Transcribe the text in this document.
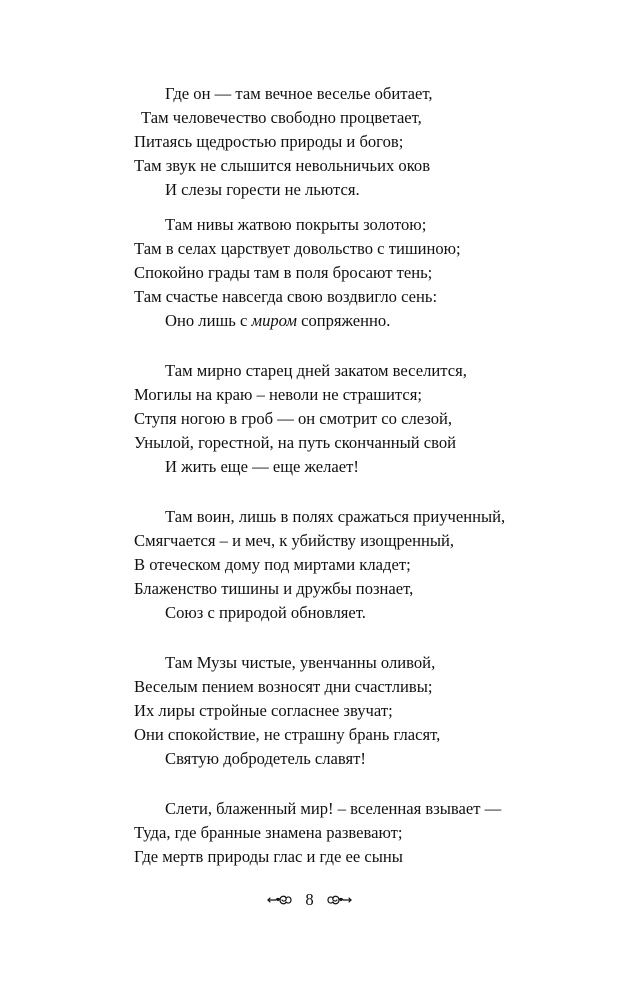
Где он — там вечное веселье обитает,
Там человечество свободно процветает,
Питаясь щедростью природы и богов;
Там звук не слышится невольничьих оков
И слезы горести не льются.
Там нивы жатвою покрыты золотою;
Там в селах царствует довольство с тишиною;
Спокойно грады там в поля бросают тень;
Там счастье навсегда свою воздвигло сень:
Оно лишь с миром сопряженно.
Там мирно старец дней закатом веселится,
Могилы на краю – неволи не страшится;
Ступя ногою в гроб — он смотрит со слезой,
Унылой, горестной, на путь скончанный свой
И жить еще — еще желает!
Там воин, лишь в полях сражаться приученный,
Смягчается – и меч, к убийству изощренный,
В отеческом дому под миртами кладет;
Блаженство тишины и дружбы познает,
Союз с природой обновляет.
Там Музы чистые, увенчанны оливой,
Веселым пением возносят дни счастливы;
Их лиры стройные согласнее звучат;
Они спокойствие, не страшну брань гласят,
Святую добродетель славят!
Слети, блаженный мир! – вселенная взывает —
Туда, где бранные знамена развевают;
Где мертв природы глас и где ее сыны
8
